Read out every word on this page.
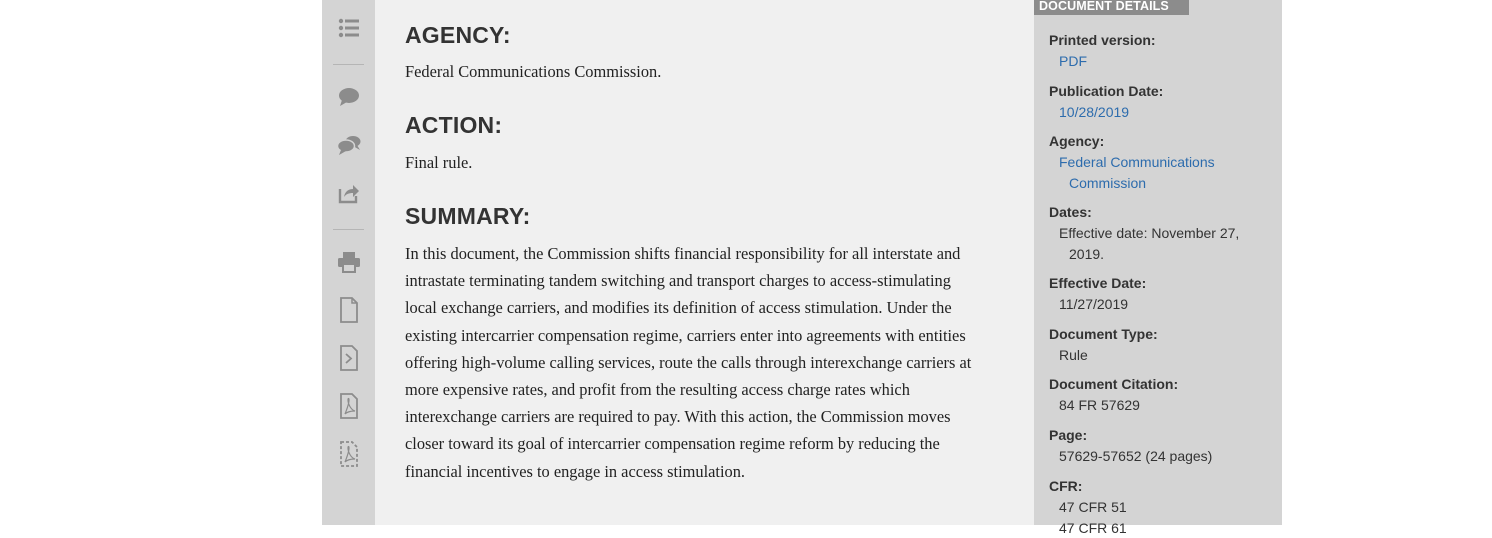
AGENCY:

Federal Communications Commission.

ACTION:

Final rule.

SUMMARY:

In this document, the Commission shifts financial responsibility for all interstate and intrastate terminating tandem switching and transport charges to access-stimulating local exchange carriers, and modifies its definition of access stimulation. Under the existing intercarrier compensation regime, carriers enter into agreements with entities offering high-volume calling services, route the calls through interexchange carriers at more expensive rates, and profit from the resulting access charge rates which interexchange carriers are required to pay. With this action, the Commission moves closer toward its goal of intercarrier compensation regime reform by reducing the financial incentives to engage in access stimulation.

DOCUMENT DETAILS
Printed version:
PDF
Publication Date:
10/28/2019
Agency:
Federal Communications Commission
Dates:
Effective date: November 27, 2019.
Effective Date:
11/27/2019
Document Type:
Rule
Document Citation:
84 FR 57629
Page:
57629-57652 (24 pages)
CFR:
47 CFR 51
47 CFR 61
